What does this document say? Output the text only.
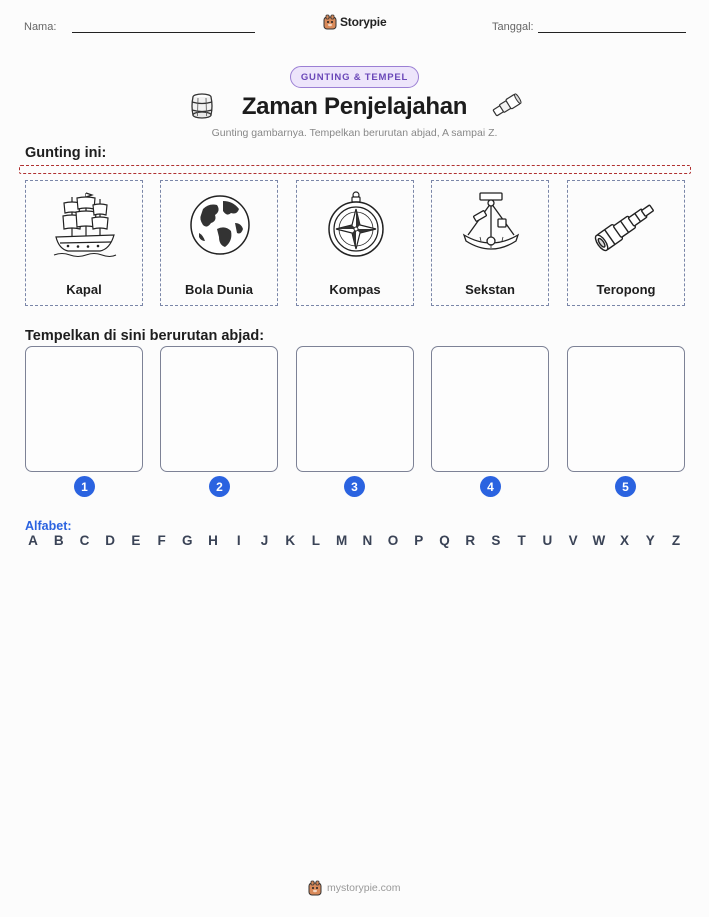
Nama:	Storypie	Tanggal:
GUNTING & TEMPEL
Zaman Penjelajahan
Gunting gambarnya. Tempelkan berurutan abjad, A sampai Z.
Gunting ini:
Kapal	Bola Dunia	Kompas	Sekstan	Teropong
Tempelkan di sini berurutan abjad:
1	2	3	4	5
Alfabet:
A B C D E F G H	I	J K L M N O P Q R S T U V W X Y Z
mystorypie.com
